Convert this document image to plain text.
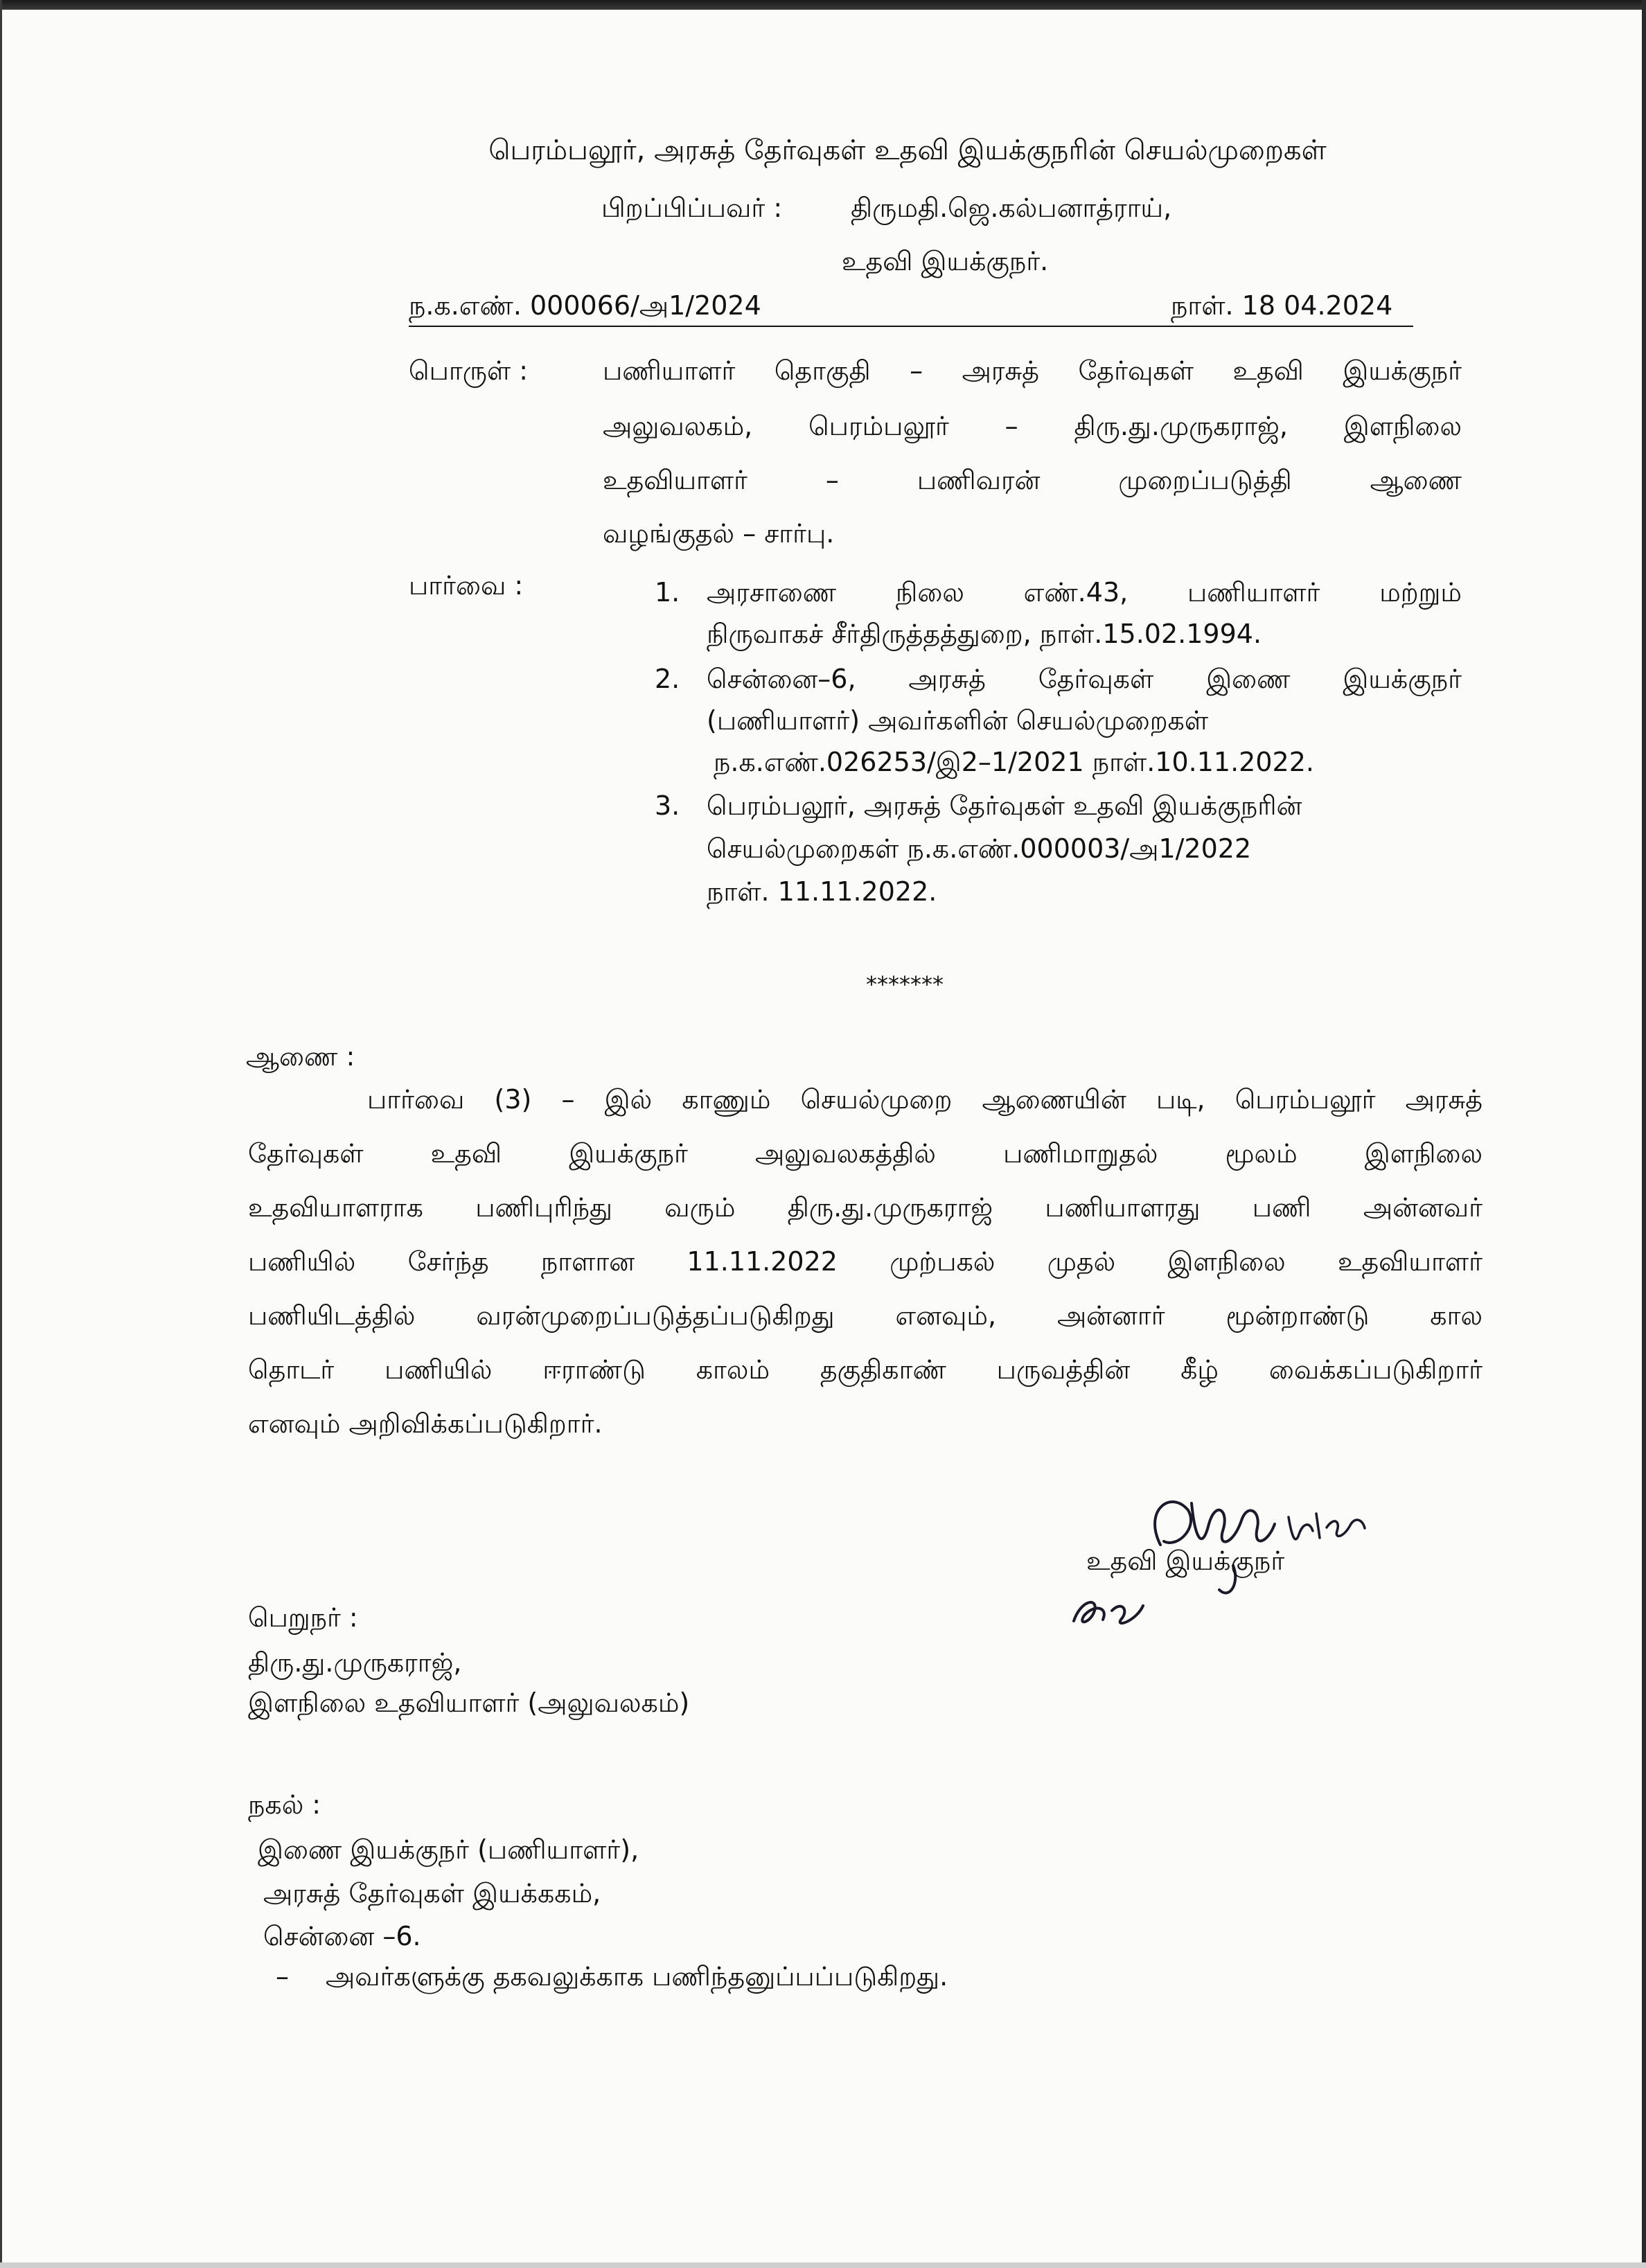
பெரம்பலூர், அரசுத் தேர்வுகள் உதவி இயக்குநரின் செயல்முறைகள்
பிறப்பிப்பவர் :	திருமதி.ஜெ.கல்பனாத்ராய்,
உதவி இயக்குநர்.
ந.க.எண். 000066/அ1/2024	நாள். 18 04.2024
பொருள் :	பணியாளர் தொகுதி – அரசுத் தேர்வுகள் உதவி இயக்குநர்
அலுவலகம், பெரம்பலூர் – திரு.து.முருகராஜ், இளநிலை
உதவியாளர் – பணிவரன் முறைப்படுத்தி ஆணை
வழங்குதல் – சார்பு.
பார்வை :	1. அரசாணை நிலை எண்.43, பணியாளர் மற்றும்
நிருவாகச் சீர்திருத்தத்துறை, நாள்.15.02.1994.
2. சென்னை–6, அரசுத் தேர்வுகள் இணை இயக்குநர்
(பணியாளர்) அவர்களின் செயல்முறைகள்
ந.க.எண்.026253/இ2–1/2021 நாள்.10.11.2022.
3. பெரம்பலூர், அரசுத் தேர்வுகள் உதவி இயக்குநரின்
செயல்முறைகள் ந.க.எண்.000003/அ1/2022
நாள். 11.11.2022.
*******
ஆணை :
பார்வை (3) – இல் காணும் செயல்முறை ஆணையின் படி, பெரம்பலூர் அரசுத்
தேர்வுகள் உதவி இயக்குநர் அலுவலகத்தில் பணிமாறுதல் மூலம் இளநிலை
உதவியாளராக பணிபுரிந்து வரும் திரு.து.முருகராஜ் பணியாளரது பணி அன்னவர்
பணியில் சேர்ந்த நாளான 11.11.2022 முற்பகல் முதல் இளநிலை உதவியாளர்
பணியிடத்தில் வரன்முறைப்படுத்தப்படுகிறது எனவும், அன்னார் மூன்றாண்டு கால
தொடர் பணியில் ஈராண்டு காலம் தகுதிகாண் பருவத்தின் கீழ் வைக்கப்படுகிறார்
எனவும் அறிவிக்கப்படுகிறார்.
உதவி இயக்குநர்
பெறுநர் :
திரு.து.முருகராஜ்,
இளநிலை உதவியாளர் (அலுவலகம்)
நகல் :
இணை இயக்குநர் (பணியாளர்),
அரசுத் தேர்வுகள் இயக்ககம்,
சென்னை –6.
– அவர்களுக்கு தகவலுக்காக பணிந்தனுப்பப்படுகிறது.
